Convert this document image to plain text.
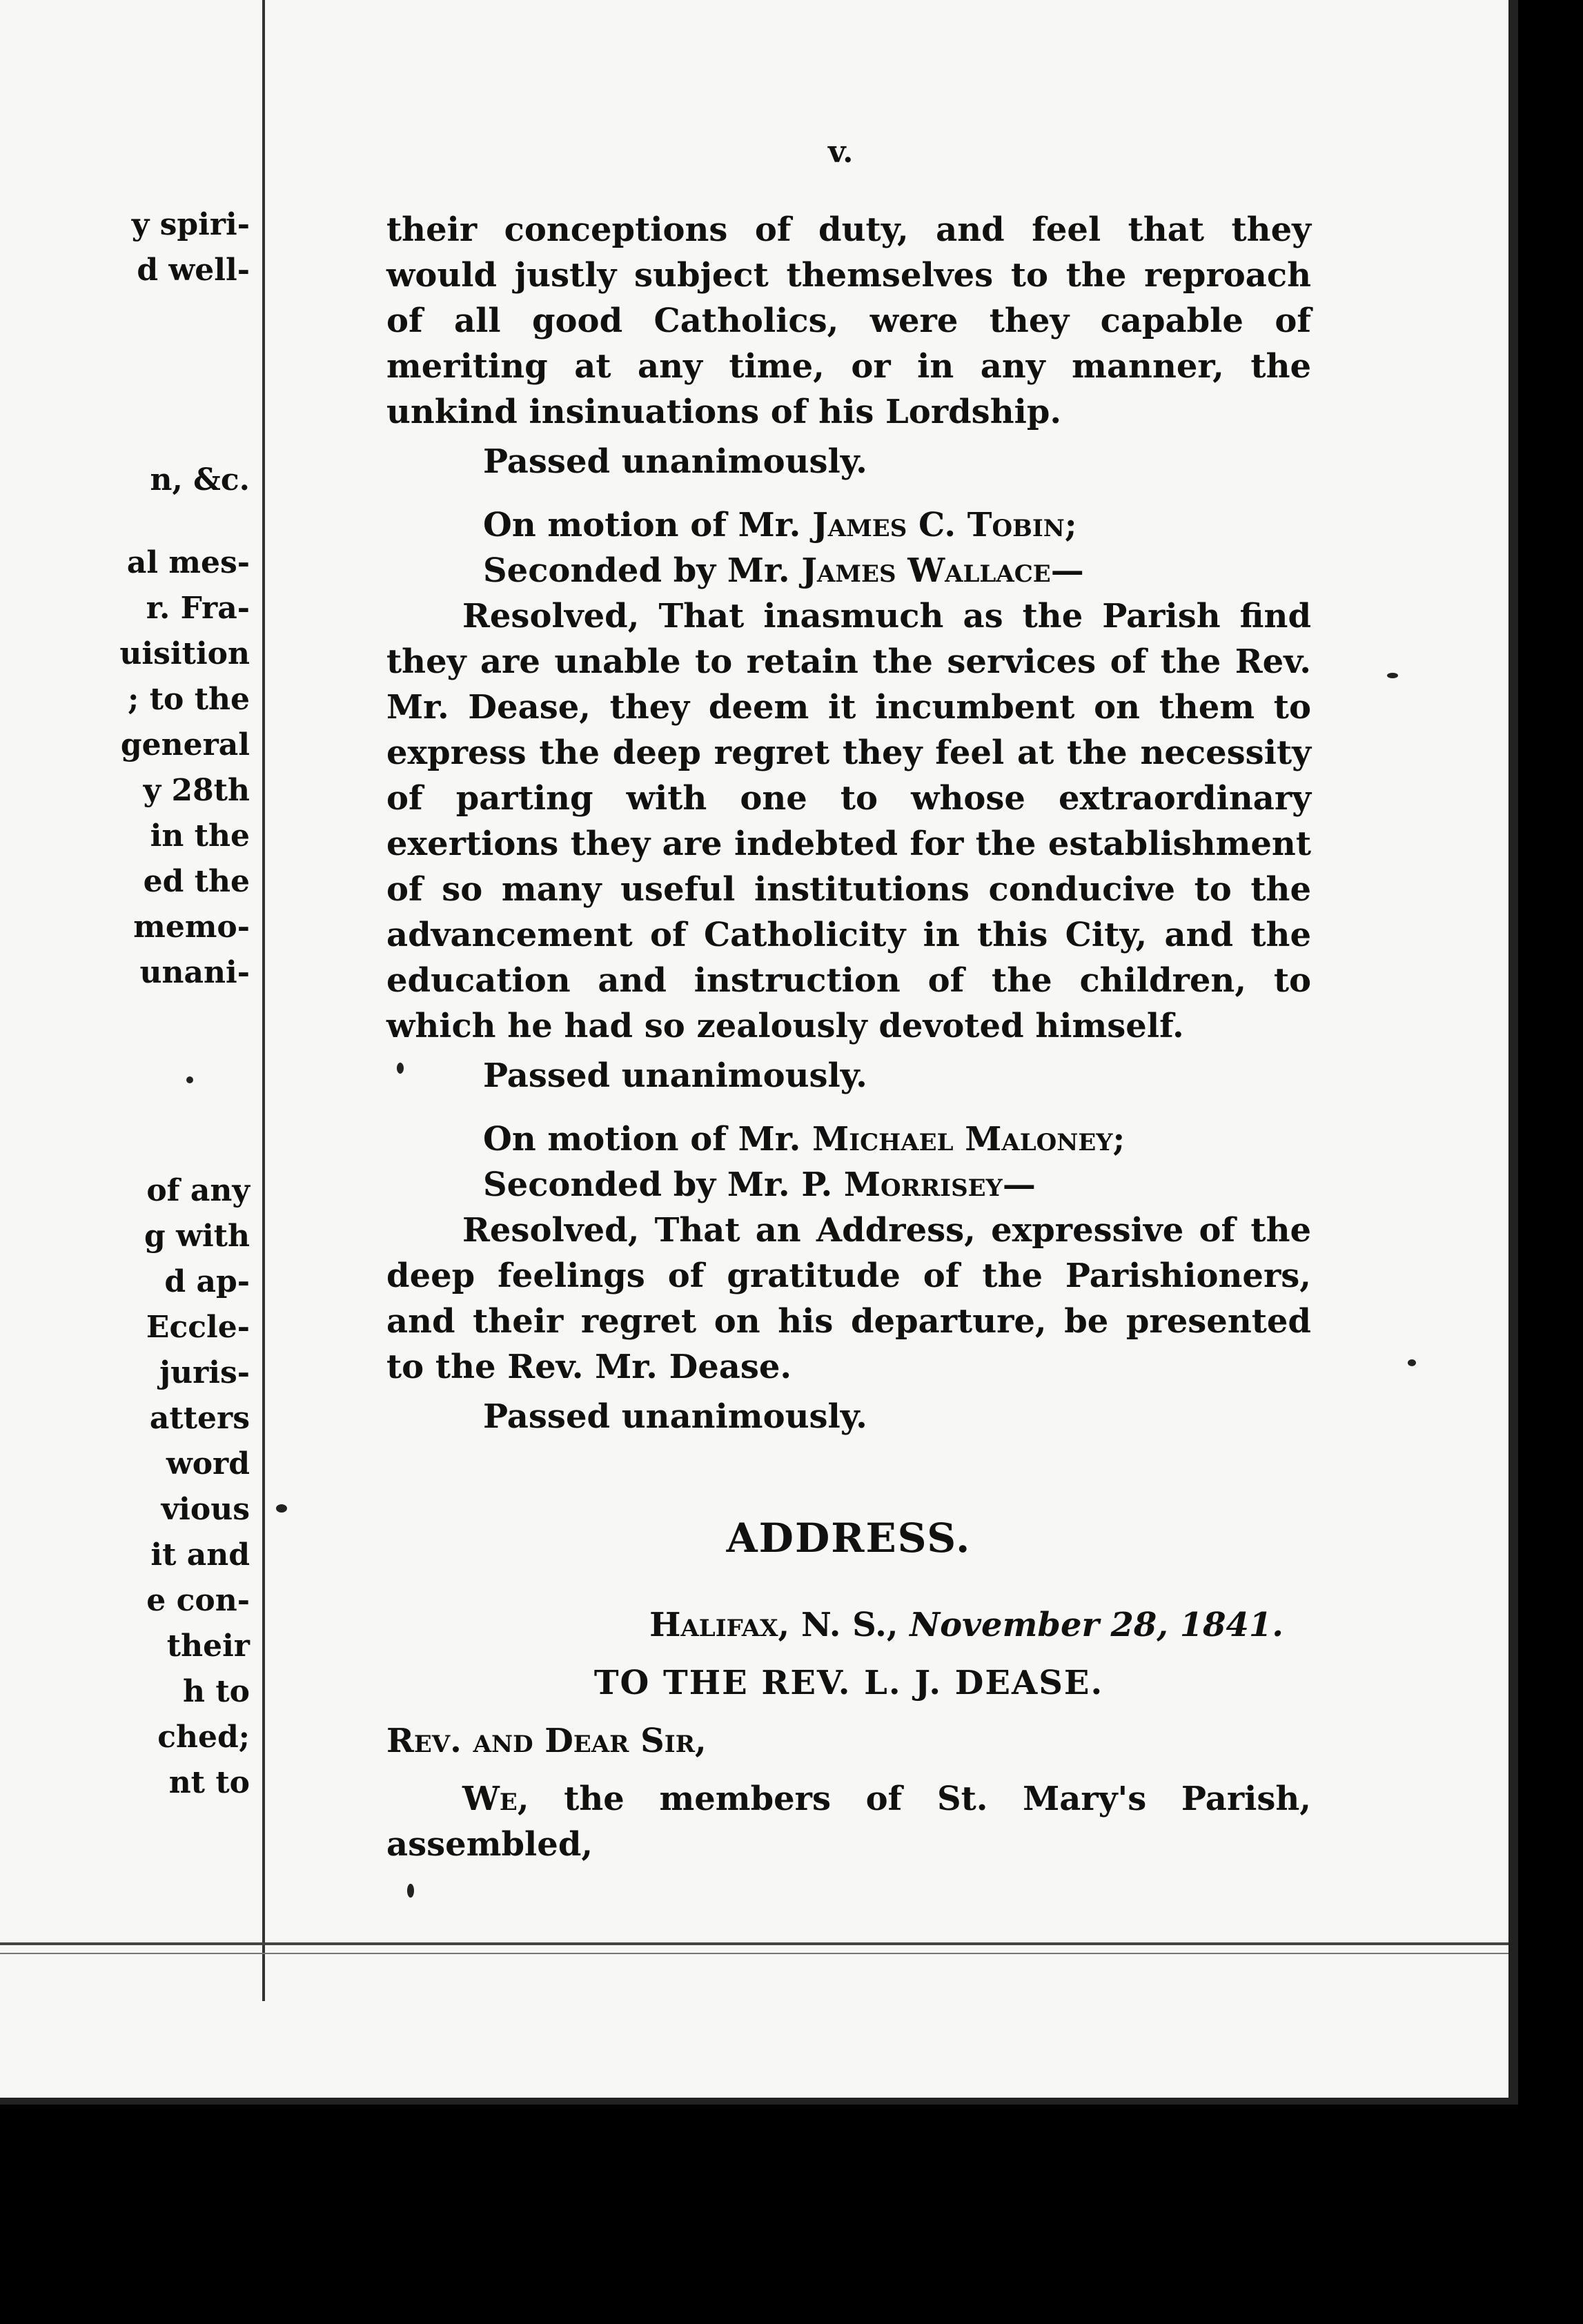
y spiri-
d well-
n, &c.
al mes-
r. Fra-
uisition
; to the
general
y 28th
in the
ed the
memo-
unani-
of any
g with
d ap-
Eccle-
juris-
atters
word
vious
it and
e con-
their
h to
ched;
nt to
v.

their conceptions of duty, and feel that they would justly subject themselves to the reproach of all good Catholics, were they capable of meriting at any time, or in any manner, the unkind insinuations of his Lordship.

Passed unanimously.

On motion of Mr. James C. Tobin;

Seconded by Mr. James Wallace—

Resolved, That inasmuch as the Parish find they are unable to retain the services of the Rev. Mr. Dease, they deem it incumbent on them to express the deep regret they feel at the necessity of parting with one to whose extraordinary exertions they are indebted for the establishment of so many useful institutions conducive to the advancement of Catholicity in this City, and the education and instruction of the children, to which he had so zealously devoted himself.

Passed unanimously.

On motion of Mr. Michael Maloney;

Seconded by Mr. P. Morrisey—

Resolved, That an Address, expressive of the deep feelings of gratitude of the Parishioners, and their regret on his departure, be presented to the Rev. Mr. Dease.

Passed unanimously.

ADDRESS.
Halifax, N. S., November 28, 1841.
TO THE REV. L. J. DEASE.
Rev. and Dear Sir,

We, the members of St. Mary's Parish, assembled,
